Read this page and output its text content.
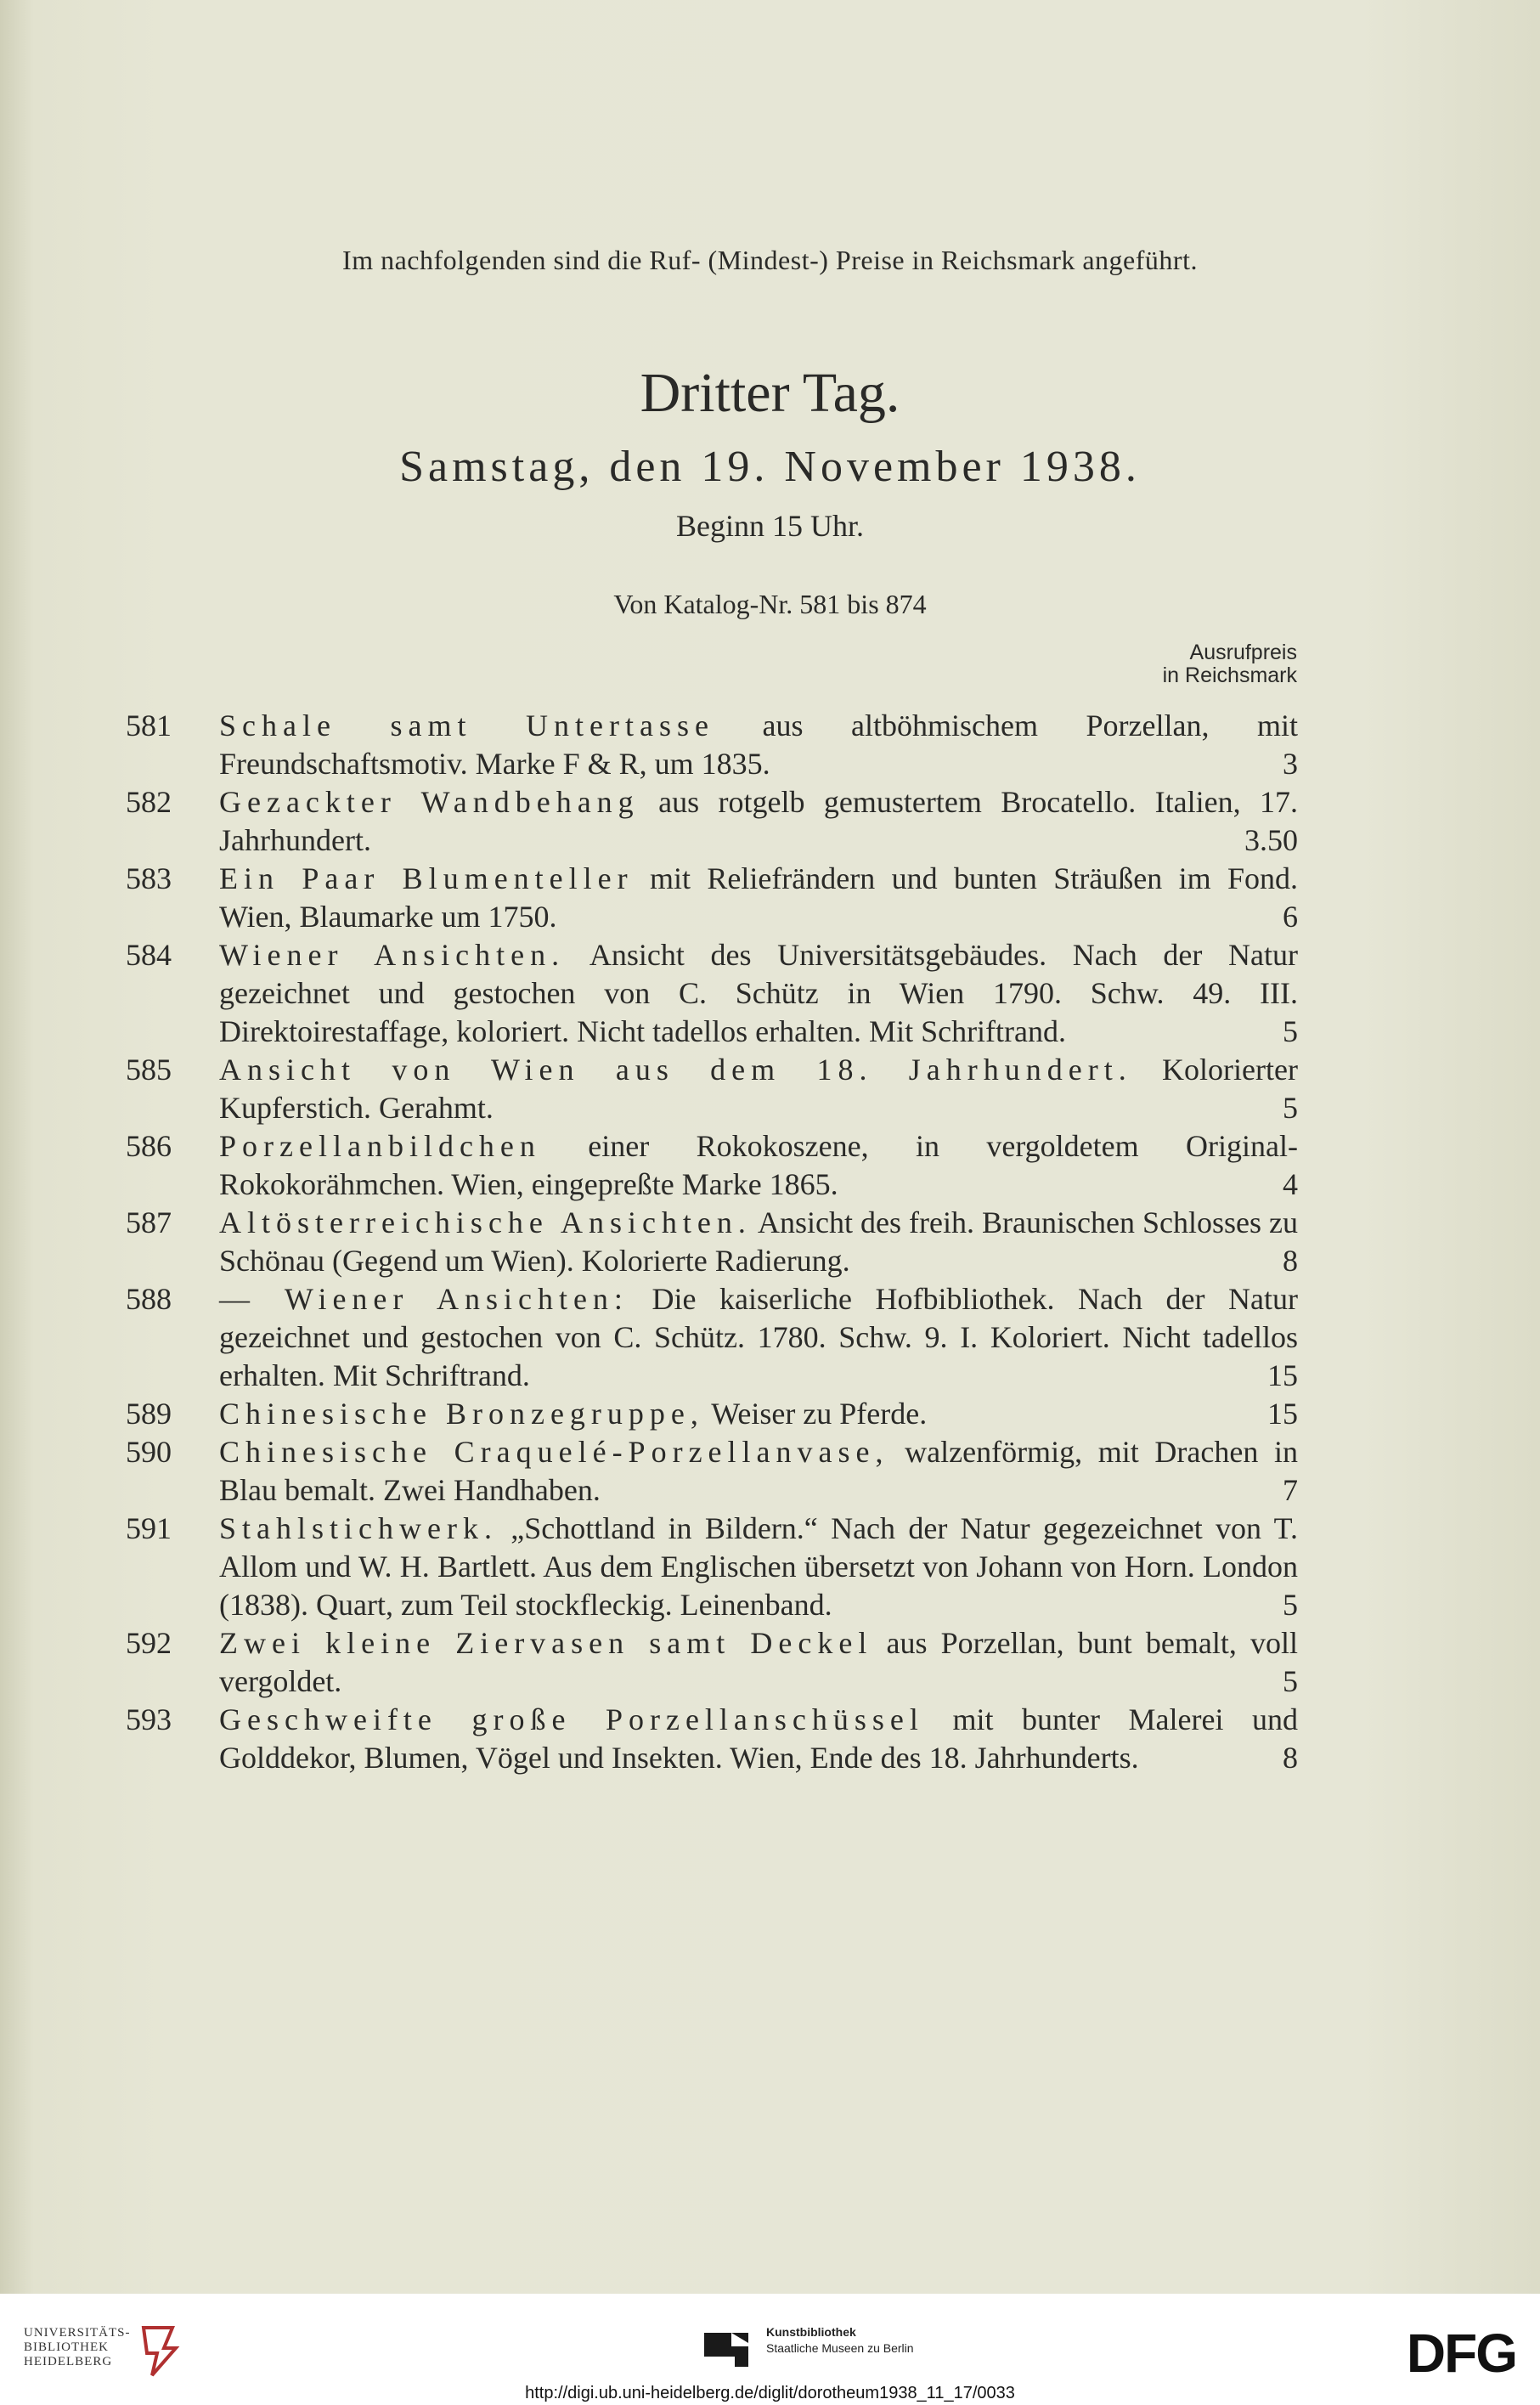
Im nachfolgenden sind die Ruf- (Mindest-) Preise in Reichsmark angeführt.
Dritter Tag.
Samstag, den 19. November 1938.
Beginn 15 Uhr.
Von Katalog-Nr. 581 bis 874
Ausrufpreis
in Reichsmark
581 Schale samt Untertasse aus altböhmischem Porzellan, mit Freundschaftsmotiv. Marke F & R, um 1835.	3
582 Gezackter Wandbehang aus rotgelb gemustertem Brocatello. Italien, 17. Jahrhundert.	3.50
583 Ein Paar Blumenteller mit Reliefrändern und bunten Sträußen im Fond. Wien, Blaumarke um 1750.	6
584 Wiener Ansichten. Ansicht des Universitätsgebäudes. Nach der Natur gezeichnet und gestochen von C. Schütz in Wien 1790. Schw. 49. III. Direktoirestaffage, koloriert. Nicht tadellos erhalten. Mit Schriftrand.	5
585 Ansicht von Wien aus dem 18. Jahrhundert. Kolorierter Kupferstich. Gerahmt.	5
586 Porzellanbildchen einer Rokokoszene, in vergoldetem Original-Rokokorähmchen. Wien, eingepreßte Marke 1865.	4
587 Altösterreichische Ansichten. Ansicht des freih. Braunischen Schlosses zu Schönau (Gegend um Wien). Kolorierte Radierung.	8
588 — Wiener Ansichten: Die kaiserliche Hofbibliothek. Nach der Natur gezeichnet und gestochen von C. Schütz. 1780. Schw. 9. I. Koloriert. Nicht tadellos erhalten. Mit Schriftrand.	15
589 Chinesische Bronzegruppe, Weiser zu Pferde.	15
590 Chinesische Craquelé-Porzellanvase, walzenförmig, mit Drachen in Blau bemalt. Zwei Handhaben.	7
591 Stahlstichwerk. „Schottland in Bildern.“ Nach der Natur gegezeichnet von T. Allom und W. H. Bartlett. Aus dem Englischen übersetzt von Johann von Horn. London (1838). Quart, zum Teil stockfleckig. Leinenband.	5
592 Zwei kleine Ziervasen samt Deckel aus Porzellan, bunt bemalt, voll vergoldet.	5
593 Geschweifte große Porzellanschüssel mit bunter Malerei und Golddekor, Blumen, Vögel und Insekten. Wien, Ende des 18. Jahrhunderts.	8
UNIVERSITÄTS-
BIBLIOTHEK
HEIDELBERG
Kunstbibliothek
Staatliche Museen zu Berlin	DFG
http://digi.ub.uni-heidelberg.de/diglit/dorotheum1938_11_17/0033
